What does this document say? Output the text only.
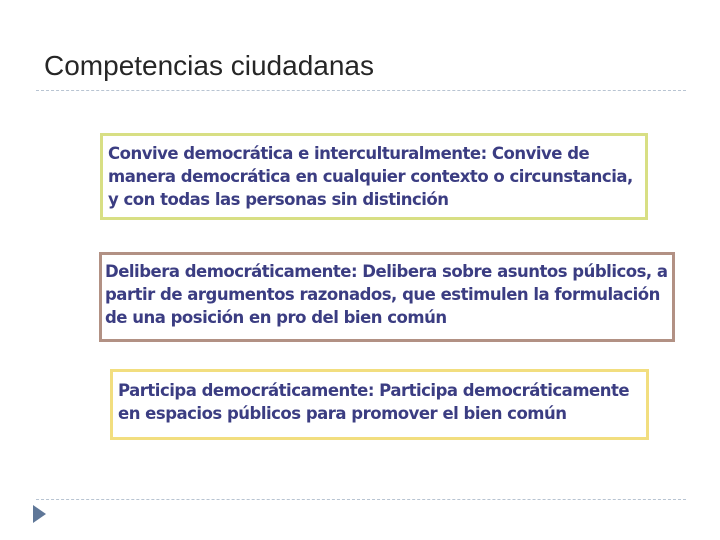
Competencias ciudadanas
Convive democrática e interculturalmente: Convive de manera democrática en cualquier contexto o circunstancia, y con todas las personas sin distinción
Delibera democráticamente: Delibera sobre asuntos públicos, a partir de argumentos razonados, que estimulen la formulación de una posición en pro del bien común
Participa democráticamente: Participa democráticamente en espacios públicos para promover el bien común
